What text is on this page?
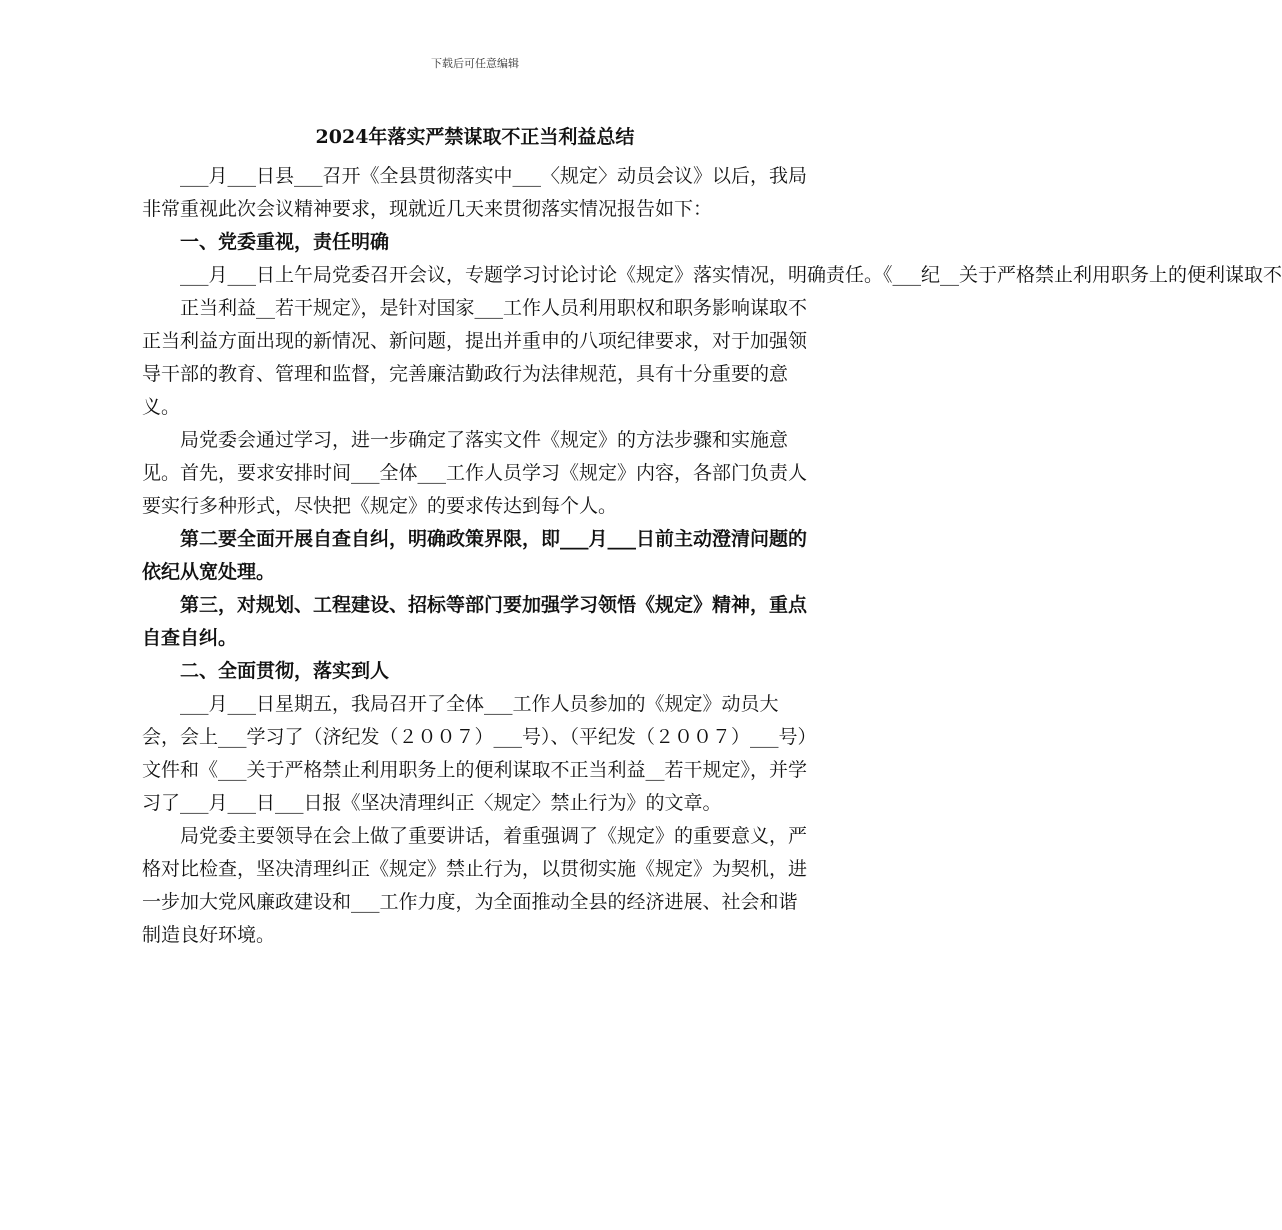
下载后可任意编辑
2024年落实严禁谋取不正当利益总结

___月___日县___召开《全县贯彻落实中___〈规定〉动员会议》以后，我局非常重视此次会议精神要求，现就近几天来贯彻落实情况报告如下：

一、党委重视，责任明确

___月___日上午局党委召开会议，专题学习讨论讨论《规定》落实情况，明确责任。《___纪__关于严格禁止利用职务上的便利谋取不

正当利益__若干规定》，是针对国家___工作人员利用职权和职务影响谋取不正当利益方面出现的新情况、新问题，提出并重申的八项纪律要求，对于加强领导干部的教育、管理和监督，完善廉洁勤政行为法律规范，具有十分重要的意义。

局党委会通过学习，进一步确定了落实文件《规定》的方法步骤和实施意见。首先，要求安排时间___全体___工作人员学习《规定》内容，各部门负责人要实行多种形式，尽快把《规定》的要求传达到每个人。

第二要全面开展自查自纠，明确政策界限，即___月___日前主动澄清问题的依纪从宽处理。

第三，对规划、工程建设、招标等部门要加强学习领悟《规定》精神，重点自查自纠。

二、全面贯彻，落实到人

___月___日星期五，我局召开了全体___工作人员参加的《规定》动员大会，会上___学习了（济纪发（２００７）___号）、（平纪发（２００７）___号）文件和《___关于严格禁止利用职务上的便利谋取不正当利益__若干规定》，并学习了___月___日___日报《坚决清理纠正〈规定〉禁止行为》的文章。

局党委主要领导在会上做了重要讲话，着重强调了《规定》的重要意义，严格对比检查，坚决清理纠正《规定》禁止行为，以贯彻实施《规定》为契机，进一步加大党风廉政建设和___工作力度，为全面推动全县的经济进展、社会和谐制造良好环境。
